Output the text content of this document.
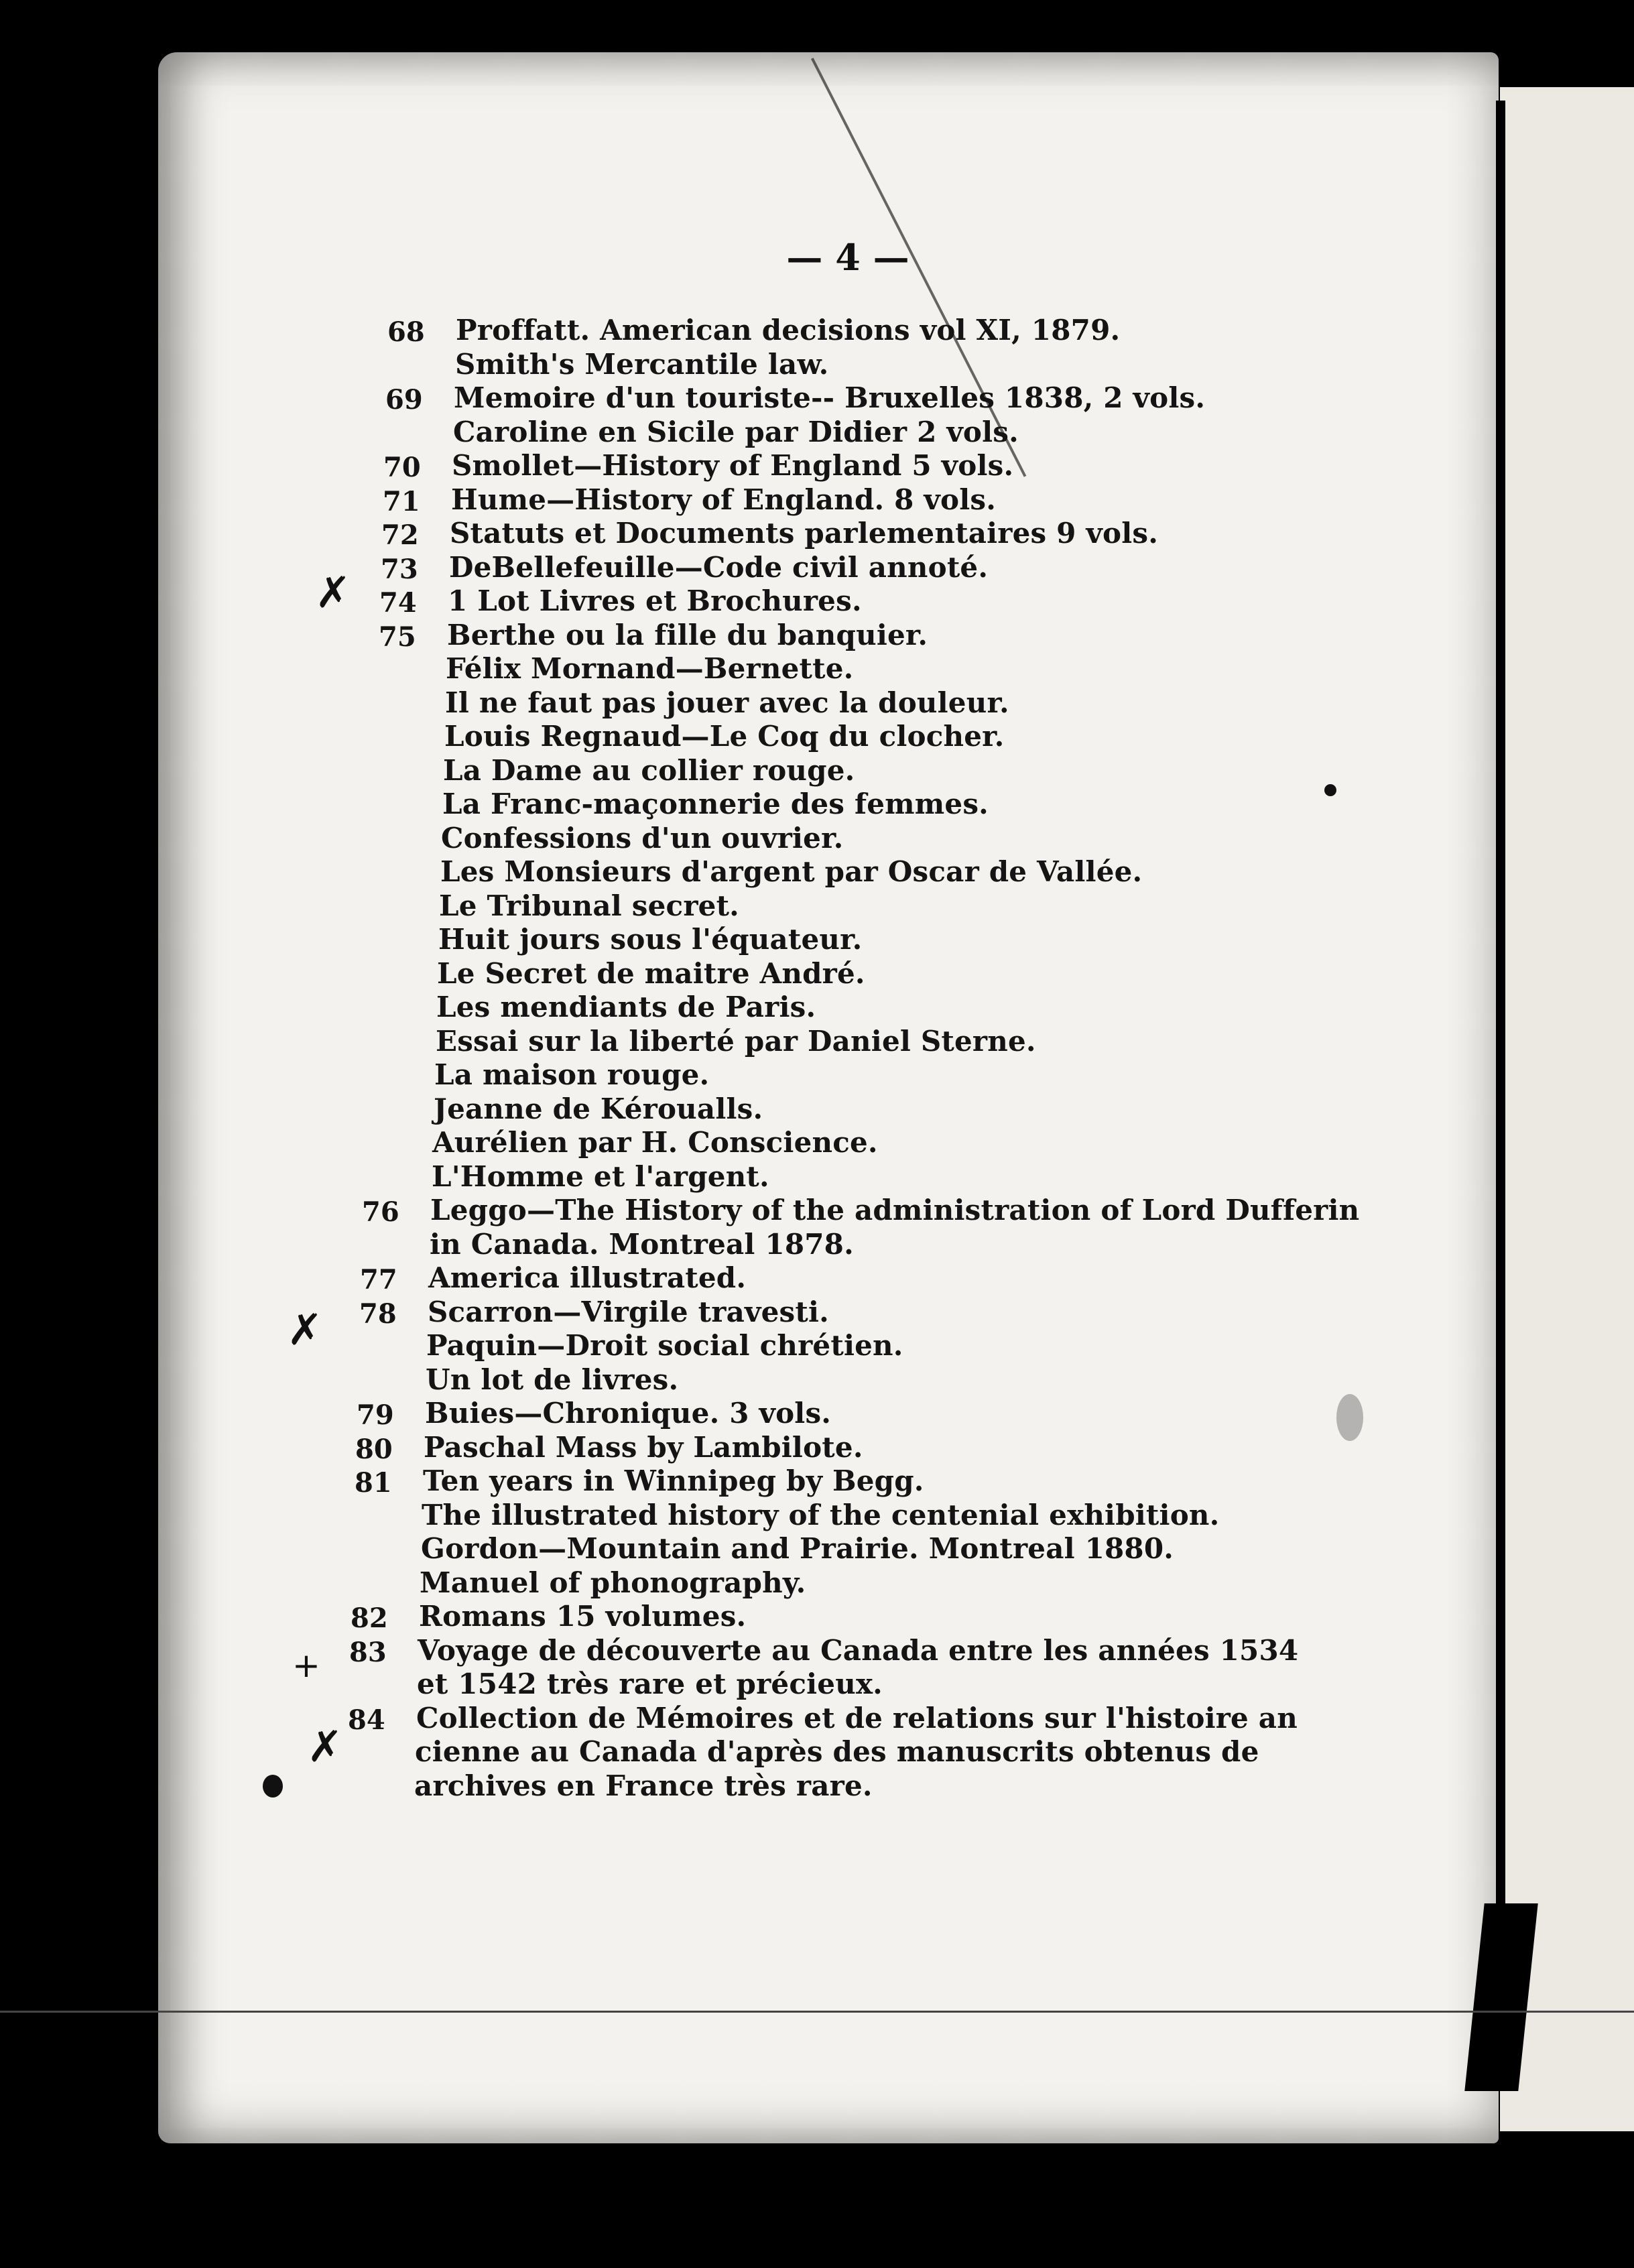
— 4 —
68 Proffatt. American decisions vol XI, 1879.
Smith's Mercantile law.
69 Memoire d'un touriste-- Bruxelles 1838, 2 vols.
Caroline en Sicile par Didier 2 vols.
70 Smollet—History of England 5 vols.
71 Hume—History of England. 8 vols.
72 Statuts et Documents parlementaires 9 vols.
73 DeBellefeuille—Code civil annoté.
74 1 Lot Livres et Brochures.
75 Berthe ou la fille du banquier.
Félix Mornand—Bernette.
Il ne faut pas jouer avec la douleur.
Louis Regnaud—Le Coq du clocher.
La Dame au collier rouge.
La Franc-maçonnerie des femmes.
Confessions d'un ouvrier.
Les Monsieurs d'argent par Oscar de Vallée.
Le Tribunal secret.
Huit jours sous l'équateur.
Le Secret de maitre André.
Les mendiants de Paris.
Essai sur la liberté par Daniel Sterne.
La maison rouge.
Jeanne de Kéroualls.
Aurélien par H. Conscience.
L'Homme et l'argent.
76 Leggo—The History of the administration of Lord Dufferin
in Canada. Montreal 1878.
77 America illustrated.
78 Scarron—Virgile travesti.
Paquin—Droit social chrétien.
Un lot de livres.
79 Buies—Chronique. 3 vols.
80 Paschal Mass by Lambilote.
81 Ten years in Winnipeg by Begg.
The illustrated history of the centenial exhibition.
Gordon—Mountain and Prairie. Montreal 1880.
Manuel of phonography.
82 Romans 15 volumes.
83 Voyage de découverte au Canada entre les années 1534
et 1542 très rare et précieux.
84 Collection de Mémoires et de relations sur l'histoire an
cienne au Canada d'après des manuscrits obtenus de
archives en France très rare.
✗
✗
+
✗
